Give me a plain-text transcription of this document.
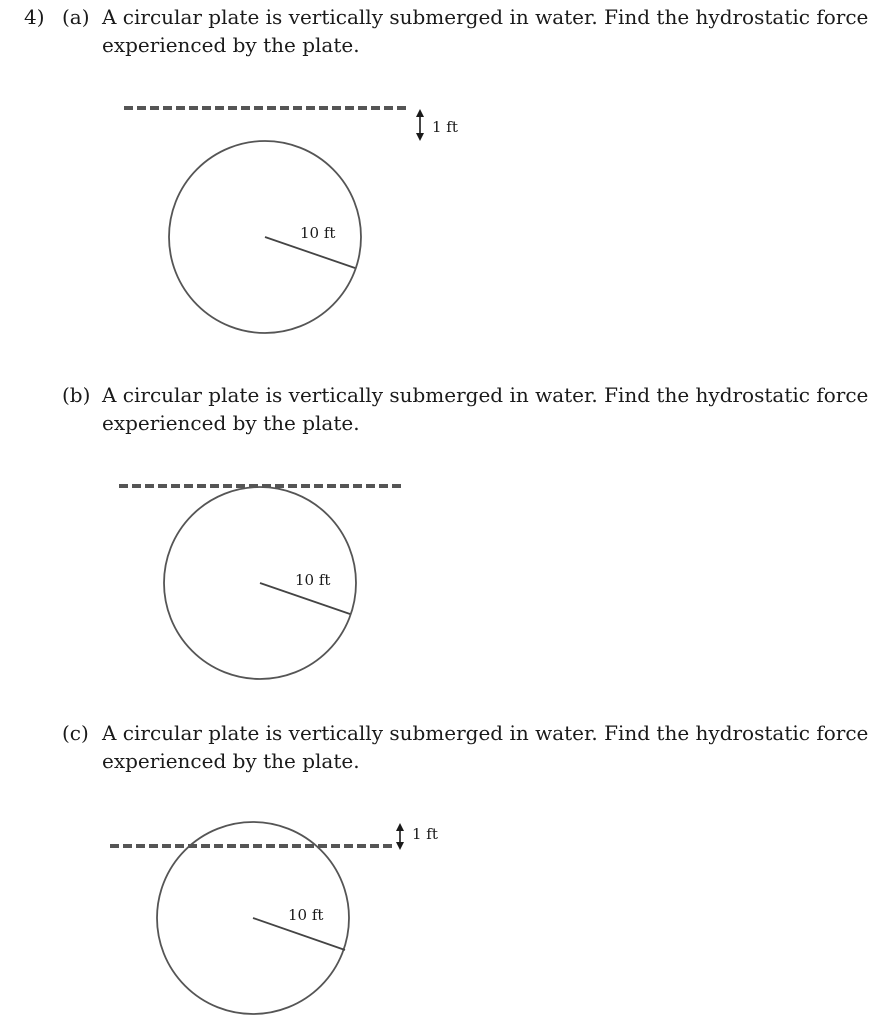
4) (a) A circular plate is vertically submerged in water. Find the hydrostatic force
experienced by the plate.
(b) A circular plate is vertically submerged in water. Find the hydrostatic force
experienced by the plate.
(c) A circular plate is vertically submerged in water. Find the hydrostatic force
experienced by the plate.
1 ft
10 ft
10 ft
1 ft
10 ft
